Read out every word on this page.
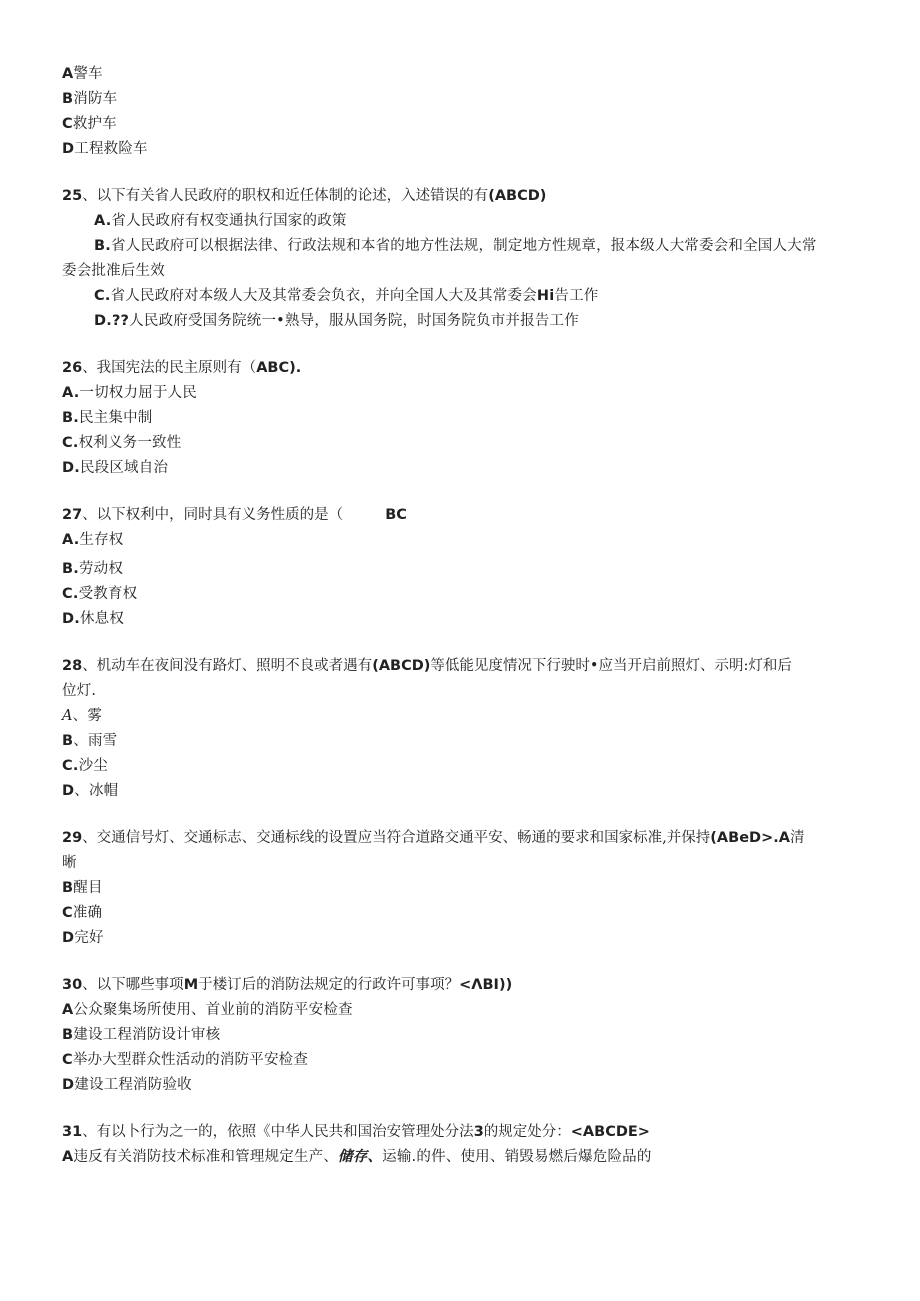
A警车
B消防车
C救护车
D工程救险车
25、以下有关省人民政府的职权和近任体制的论述，入述错误的有(ABCD)
A.省人民政府有权变通执行国家的政策
B.省人民政府可以根据法律、行政法规和本省的地方性法规，制定地方性规章，报本级人大常委会和全国人大常
委会批准后生效
C.省人民政府对本级人大及其常委会负衣，并向全国人大及其常委会Hi告工作
D.??人民政府受国务院统一•熟导，服从国务院，时国务院负市并报告工作
26、我国宪法的民主原则有（ABC).
A.一切权力屈于人民
B.民主集中制
C.权利义务一致性
D.民段区域自治
27、以下权利中，同时具有义务性质的是（	BC
A.生存权
B.劳动权
C.受教育权
D.休息权
28、机动车在夜间没有路灯、照明不良或者遇有(ABCD)等低能见度情况下行驶时•应当开启前照灯、示明:灯和后
位灯.
A、雾
B、雨雪
C.沙尘
D、冰帽
29、交通信号灯、交通标志、交通标线的设置应当符合道路交通平安、畅通的要求和国家标准,并保持(ABeD>.A清
晰
B醒目
C准确
D完好
30、以下哪些事项M于楼订后的消防法规定的行政许可事项？<ΛBI))
A公众聚集场所使用、首业前的消防平安检查
B建设工程消防设计审核
C举办大型群众性活动的消防平安检查
D建设工程消防验收
31、有以卜行为之一的，依照《中华人民共和国治安管理处分法3的规定处分：<ABCDE>
A违反有关消防技术标准和管理规定生产、储存、运输.的件、使用、销毁易燃后爆危险品的
